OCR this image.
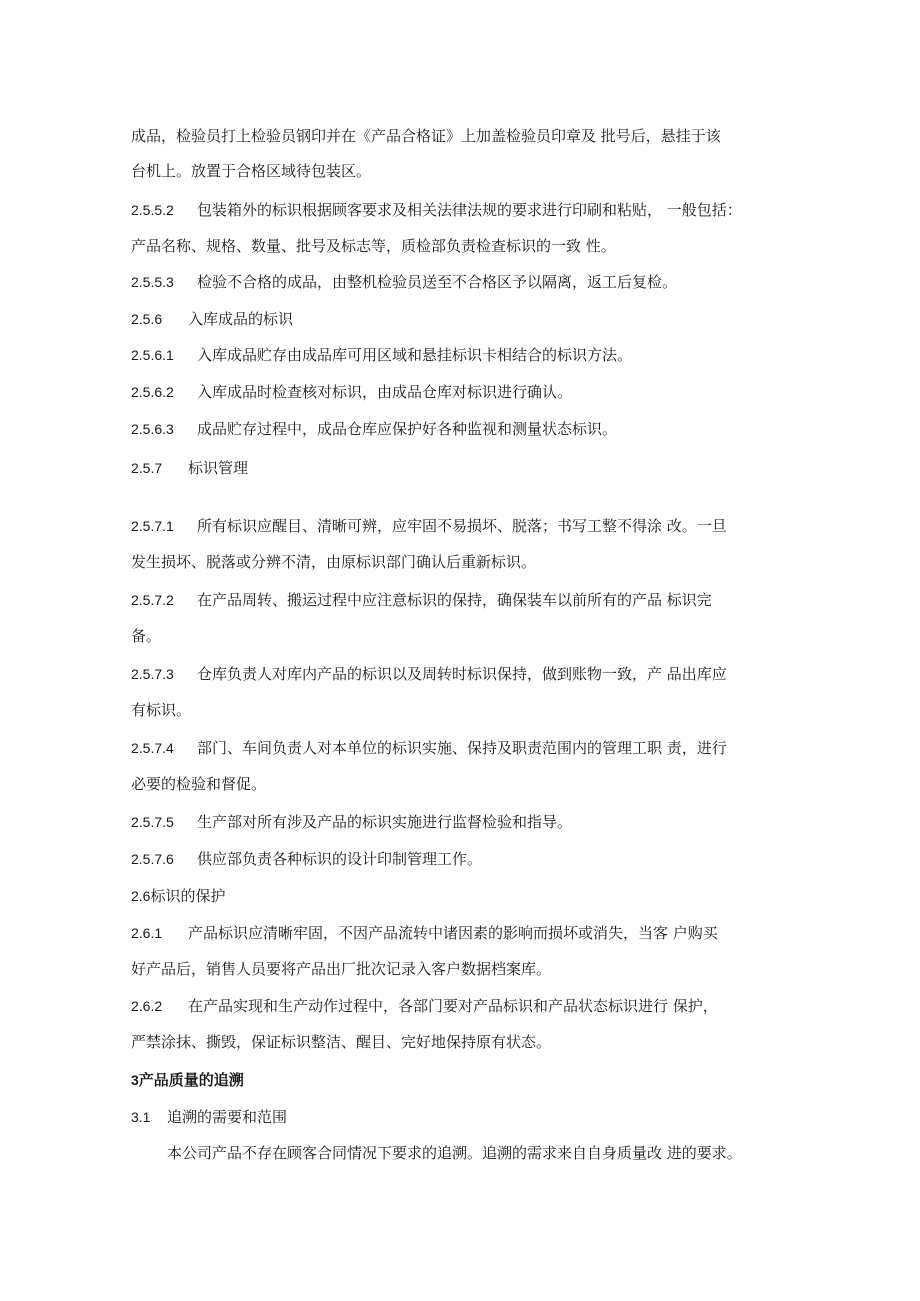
成品，检验员打上检验员钢印并在《产品合格证》上加盖检验员印章及 批号后，悬挂于该
台机上。放置于合格区域待包装区。
2.5.5.2 包装箱外的标识根据顾客要求及相关法律法规的要求进行印刷和粘贴， 一般包括：
产品名称、规格、数量、批号及标志等，质检部负责检查标识的一致 性。
2.5.5.3 检验不合格的成品，由整机检验员送至不合格区予以隔离，返工后复检。
2.5.6 入库成品的标识
2.5.6.1 入库成品贮存由成品库可用区域和悬挂标识卡相结合的标识方法。
2.5.6.2 入库成品时检查核对标识，由成品仓库对标识进行确认。
2.5.6.3 成品贮存过程中，成品仓库应保护好各种监视和测量状态标识。
2.5.7 标识管理
2.5.7.1 所有标识应醒目、清晰可辨，应牢固不易损坏、脱落；书写工整不得涂 改。一旦
发生损坏、脱落或分辨不清，由原标识部门确认后重新标识。
2.5.7.2 在产品周转、搬运过程中应注意标识的保持，确保装车以前所有的产品 标识完
备。
2.5.7.3 仓库负责人对库内产品的标识以及周转时标识保持，做到账物一致，产 品出库应
有标识。
2.5.7.4 部门、车间负责人对本单位的标识实施、保持及职责范围内的管理工职 责，进行
必要的检验和督促。
2.5.7.5 生产部对所有涉及产品的标识实施进行监督检验和指导。
2.5.7.6 供应部负责各种标识的设计印制管理工作。
2.6标识的保护
2.6.1 产品标识应清晰牢固，不因产品流转中诸因素的影响而损坏或消失，当客 户购买
好产品后，销售人员要将产品出厂批次记录入客户数据档案库。
2.6.2 在产品实现和生产动作过程中，各部门要对产品标识和产品状态标识进行 保护，
严禁涂抹、撕毁，保证标识整洁、醒目、完好地保持原有状态。
3产品质量的追溯
3.1 追溯的需要和范围
本公司产品不存在顾客合同情况下要求的追溯。追溯的需求来自自身质量改 进的要求。
